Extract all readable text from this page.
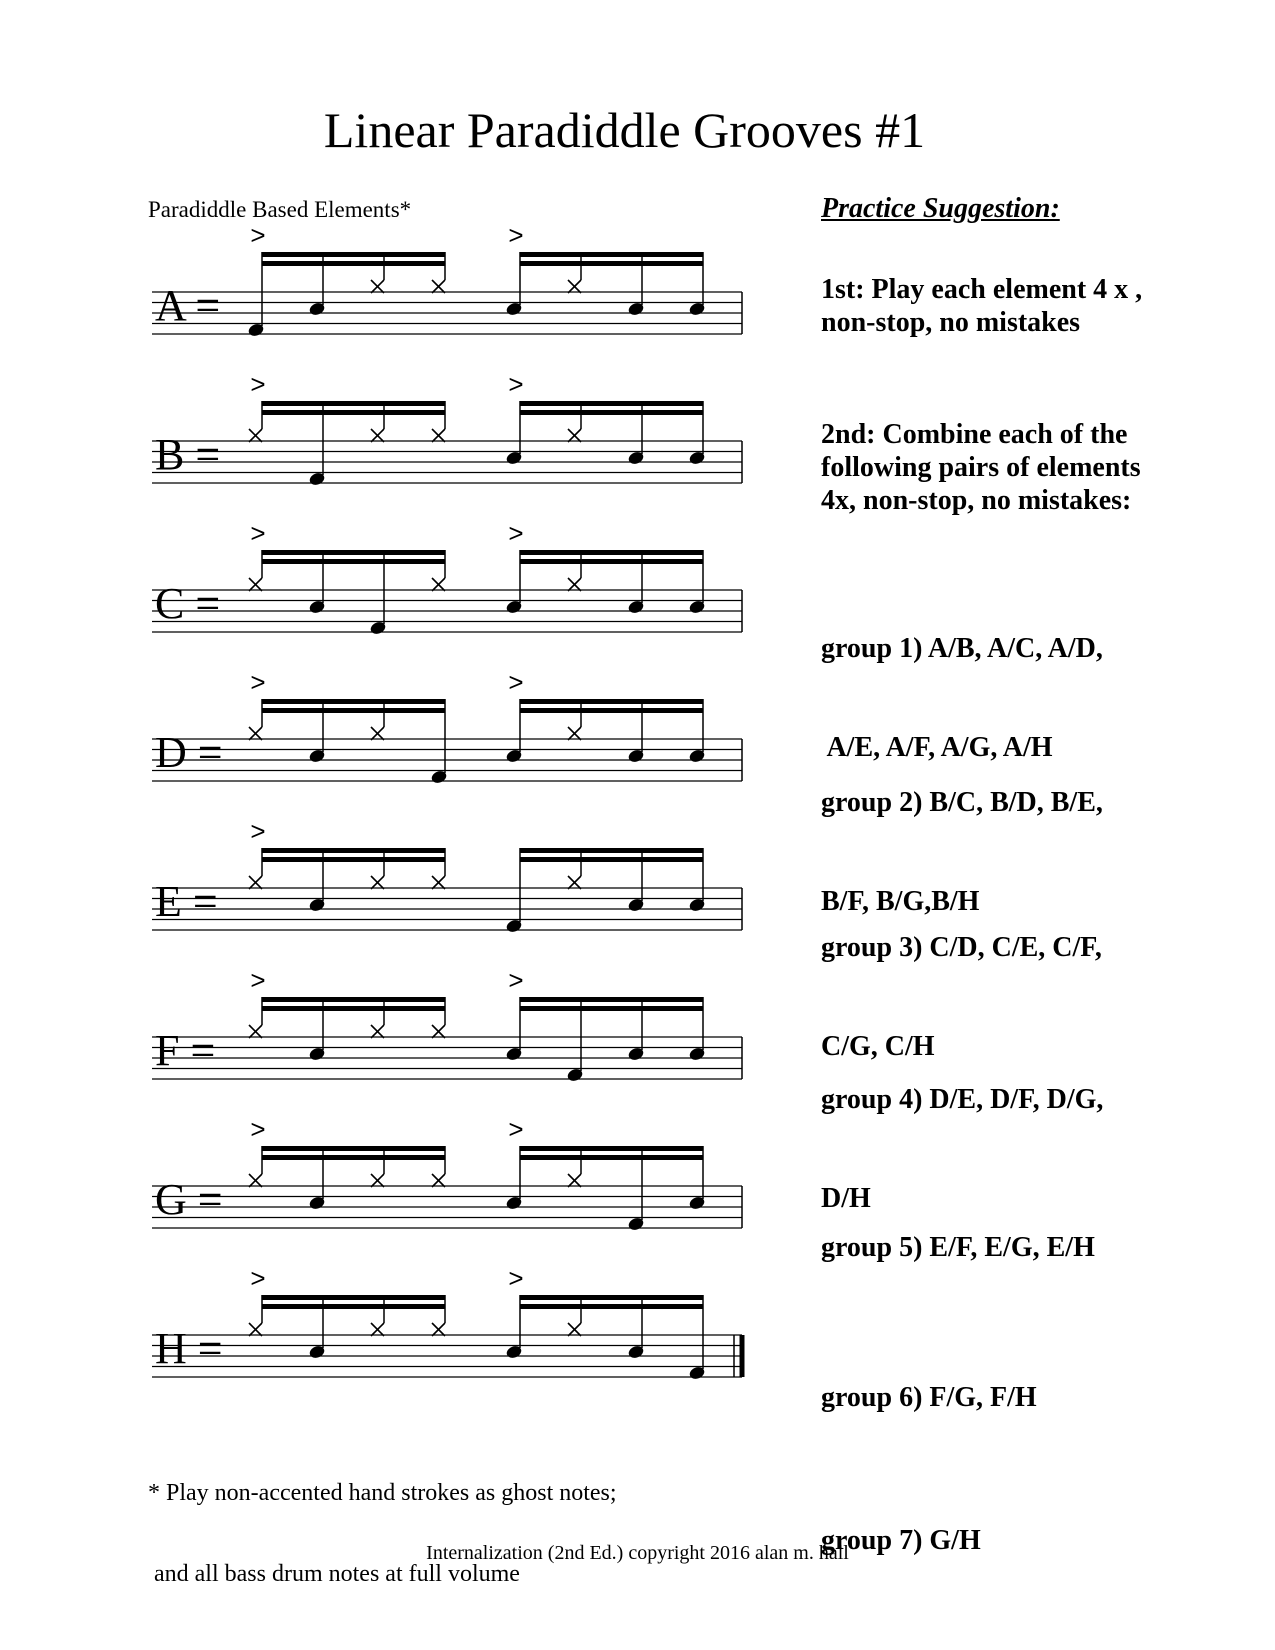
Linear Paradiddle Grooves #1
Paradiddle Based Elements*
A =
>	>
B =
>	>
C =
>	>
D =
>	>
E =
>
F =
>	>
G =
>	>
H =
>	>
Practice Suggestion:
1st: Play each element 4 x ,
non-stop, no mistakes
2nd: Combine each of the
following pairs of elements
4x, non-stop, no mistakes:

group 1) A/B, A/C, A/D,

A/E, A/F, A/G, A/H

group 2) B/C, B/D, B/E,

B/F, B/G,B/H

group 3) C/D, C/E, C/F,

C/G, C/H

group 4) D/E, D/F, D/G,

D/H

group 5) E/F, E/G, E/H

group 6) F/G, F/H

group 7) G/H

* Play non-accented hand strokes as ghost notes;

and all bass drum notes at full volume

Internalization (2nd Ed.) copyright 2016 alan m. hall
